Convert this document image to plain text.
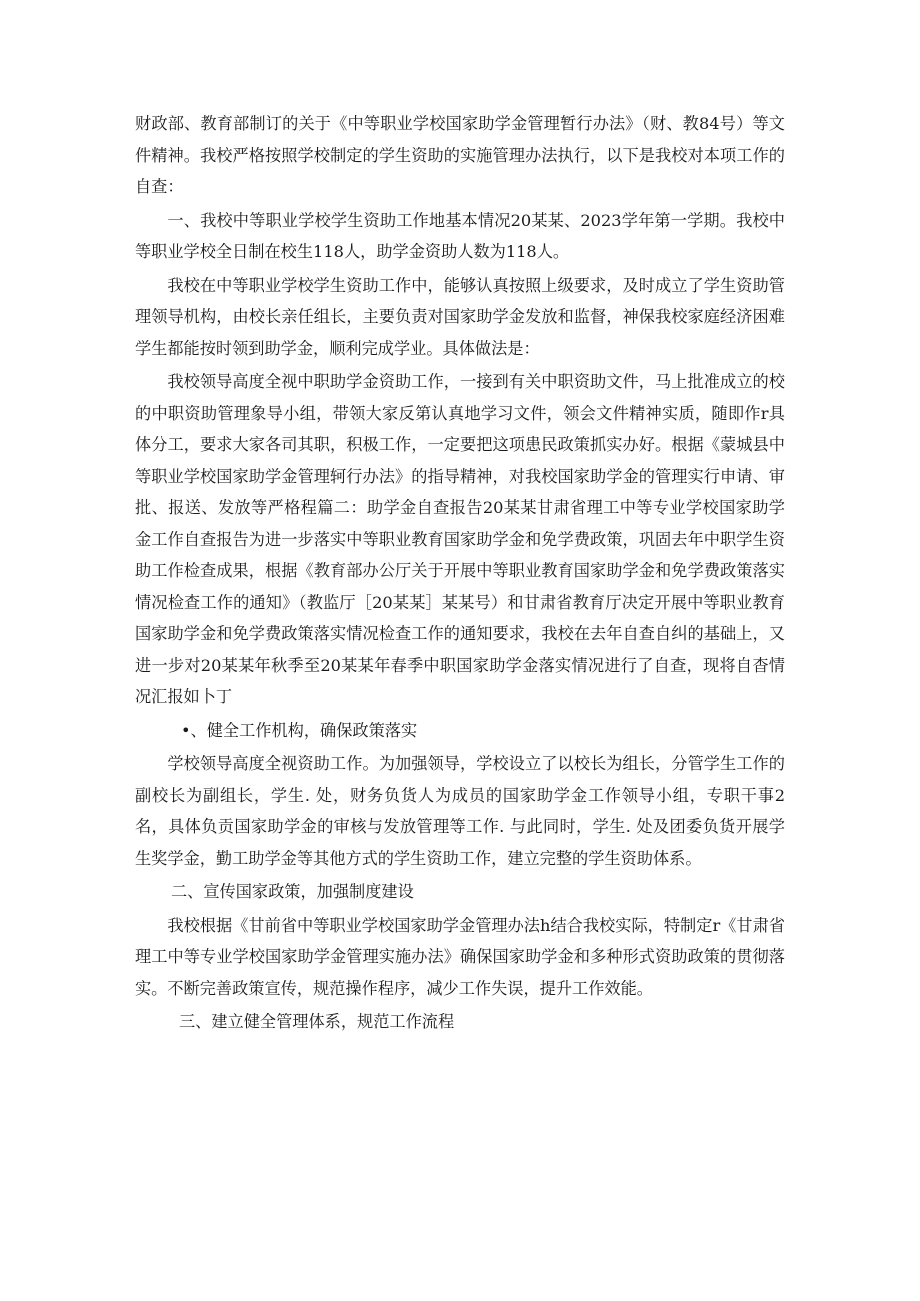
财政部、教育部制订的关于《中等职业学校国家助学金管理暂行办法》（财、教84号）等文件精神。我校严格按照学校制定的学生资助的实施管理办法执行，以下是我校对本项工作的自查：

一、我校中等职业学校学生资助工作地基本情况20某某、2023学年第一学期。我校中等职业学校全日制在校生118人，助学金资助人数为118人。

我校在中等职业学校学生资助工作中，能够认真按照上级要求，及时成立了学生资助管理领导机构，由校长亲任组长，主要负责对国家助学金发放和监督，神保我校家庭经济困难学生都能按时领到助学金，顺利完成学业。具体做法是：

我校领导高度全视中职助学金资助工作，一接到有关中职资助文件，马上批准成立的校的中职资助管理象导小组，带领大家反第认真地学习文件，领会文件精神实质，随即作r具体分工，要求大家各司其职，积极工作，一定要把这项患民政策抓实办好。根据《蒙城县中等职业学校国家助学金管理轲行办法》的指导精神，对我校国家助学金的管理实行申请、审批、报送、发放等严格程篇二：助学金自查报告20某某甘肃省理工中等专业学校国家助学金工作自查报告为进一步落实中等职业教育国家助学金和免学费政策，巩固去年中职学生资助工作检查成果，根据《教育部办公厅关于开展中等职业教育国家助学金和免学费政策落实情况检查工作的通知》（教监厅［20某某］某某号）和甘肃省教育厅决定开展中等职业教育国家助学金和免学费政策落实情况检查工作的通知要求，我校在去年自查自纠的基础上，又进一步对20某某年秋季至20某某年春季中职国家助学金落实情况进行了自查，现将自杳情况汇报如卜丁

•、健全工作机构，确保政策落实

学校领导高度全视资助工作。为加强领导，学校设立了以校长为组长，分管学生工作的副校长为副组长，学生. 处，财务负货人为成员的国家助学金工作领导小组，专职干事2名，具体负贡国家助学金的审核与发放管理等工作. 与此同时，学生. 处及团委负货开展学生奖学金，勤工助学金等其他方式的学生资助工作，建立完整的学生资助体系。

二、宣传国家政策，加强制度建设

我校根据《甘前省中等职业学校国家助学金管理办法h结合我校实际，特制定r《甘肃省理工中等专业学校国家助学金管理实施办法》确保国家助学金和多种形式资助政策的贯彻落实。不断完善政策宣传，规范操作程序，减少工作失误，提升工作效能。

三、建立健全管理体系，规范工作流程
